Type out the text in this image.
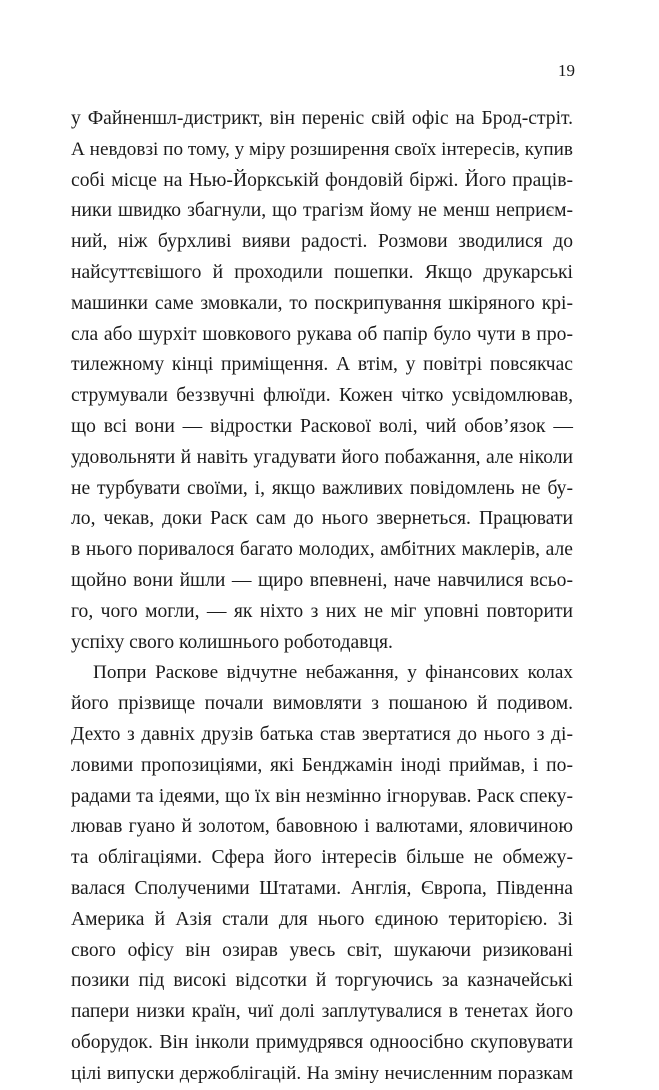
19
у Файненшл-дистрикт, він переніс свій офіс на Брод-стріт.
А невдовзі по тому, у міру розширення своїх інтересів, купив
собі місце на Нью-Йоркській фондовій біржі. Його праців-
ники швидко збагнули, що трагізм йому не менш неприєм-
ний, ніж бурхливі вияви радості. Розмови зводилися до
найсуттєвішого й проходили пошепки. Якщо друкарські
машинки саме змовкали, то поскрипування шкіряного крі-
сла або шурхіт шовкового рукава об папір було чути в про-
тилежному кінці приміщення. А втім, у повітрі повсякчас
струмували беззвучні флюїди. Кожен чітко усвідомлював,
що всі вони — відростки Раскової волі, чий обов’язок —
удовольняти й навіть угадувати його побажання, але ніколи
не турбувати своїми, і, якщо важливих повідомлень не бу-
ло, чекав, доки Раск сам до нього звернеться. Працювати
в нього поривалося багато молодих, амбітних маклерів, але
щойно вони йшли — щиро впевнені, наче навчилися всьо-
го, чого могли, — як ніхто з них не міг уповні повторити
успіху свого колишнього роботодавця.
Попри Раскове відчутне небажання, у фінансових колах
його прізвище почали вимовляти з пошаною й подивом.
Дехто з давніх друзів батька став звертатися до нього з ді-
ловими пропозиціями, які Бенджамін іноді приймав, і по-
радами та ідеями, що їх він незмінно ігнорував. Раск спеку-
лював гуано й золотом, бавовною і валютами, яловичиною
та облігаціями. Сфера його інтересів більше не обмежу-
валася Сполученими Штатами. Англія, Європа, Південна
Америка й Азія стали для нього єдиною територією. Зі
свого офісу він озирав увесь світ, шукаючи ризиковані
позики під високі відсотки й торгуючись за казначейські
папери низки країн, чиї долі заплутувалися в тенетах його
оборудок. Він інколи примудрявся одноосібно скуповувати
цілі випуски держоблігацій. На зміну нечисленним поразкам
